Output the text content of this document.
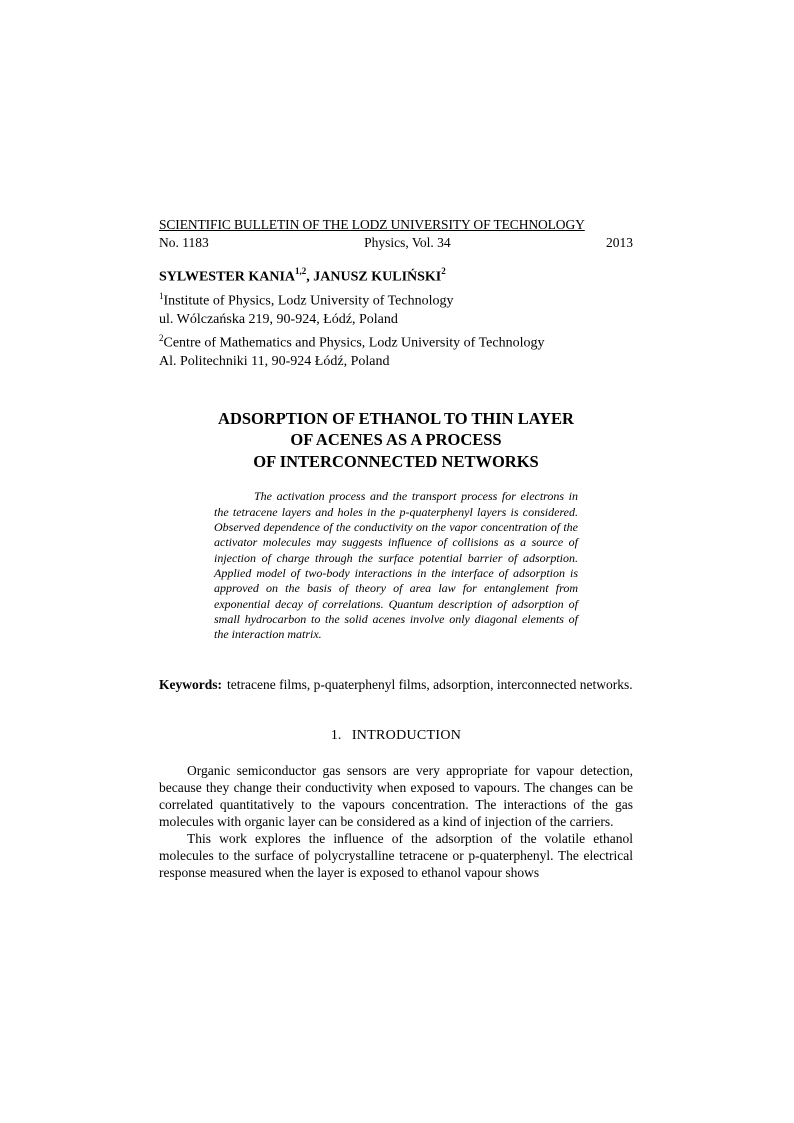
SCIENTIFIC BULLETIN OF THE LODZ UNIVERSITY OF TECHNOLOGY
No. 1183	Physics, Vol. 34	2013
SYLWESTER KANIA$^{1,2}$, JANUSZ KULIŃSKI$^2$
$^1$Institute of Physics, Lodz University of Technology
ul. Wólczańska 219, 90-924, Łódź, Poland
$^2$Centre of Mathematics and Physics, Lodz University of Technology
Al. Politechniki 11, 90-924 Łódź, Poland
ADSORPTION OF ETHANOL TO THIN LAYER
OF ACENES AS A PROCESS
OF INTERCONNECTED NETWORKS
The activation process and the transport process for electrons in the tetracene layers and holes in the p-quaterphenyl layers is considered. Observed dependence of the conductivity on the vapor concentration of the activator molecules may suggests influence of collisions as a source of injection of charge through the surface potential barrier of adsorption. Applied model of two-body interactions in the interface of adsorption is approved on the basis of theory of area law for entanglement from exponential decay of correlations. Quantum description of adsorption of small hydrocarbon to the solid acenes involve only diagonal elements of the interaction matrix.
Keywords: tetracene films, p-quaterphenyl films, adsorption, interconnected networks.
1. INTRODUCTION

Organic semiconductor gas sensors are very appropriate for vapour detection, because they change their conductivity when exposed to vapours. The changes can be correlated quantitatively to the vapours concentration. The interactions of the gas molecules with organic layer can be considered as a kind of injection of the carriers.

This work explores the influence of the adsorption of the volatile ethanol molecules to the surface of polycrystalline tetracene or p-quaterphenyl. The electrical response measured when the layer is exposed to ethanol vapour shows
